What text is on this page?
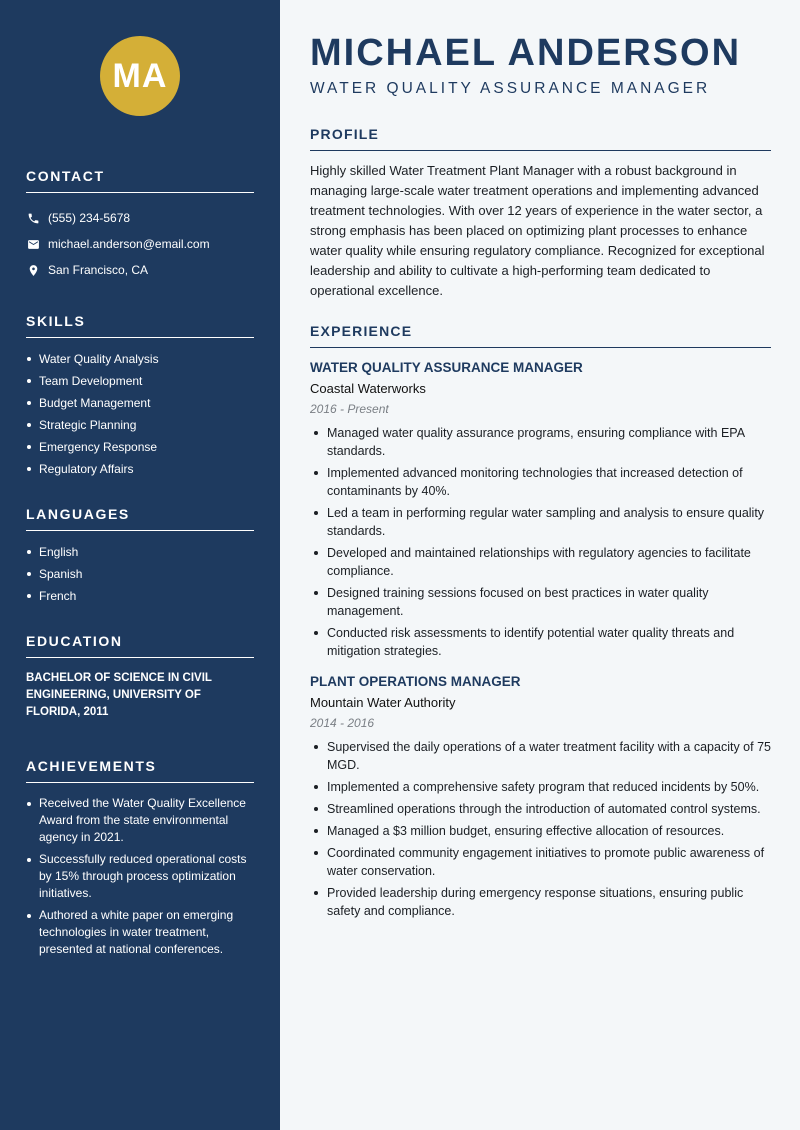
MA
CONTACT
(555) 234-5678
michael.anderson@email.com
San Francisco, CA
SKILLS
Water Quality Analysis
Team Development
Budget Management
Strategic Planning
Emergency Response
Regulatory Affairs
LANGUAGES
English
Spanish
French
EDUCATION
BACHELOR OF SCIENCE IN CIVIL ENGINEERING, UNIVERSITY OF FLORIDA, 2011
ACHIEVEMENTS
Received the Water Quality Excellence Award from the state environmental agency in 2021.
Successfully reduced operational costs by 15% through process optimization initiatives.
Authored a white paper on emerging technologies in water treatment, presented at national conferences.
MICHAEL ANDERSON
WATER QUALITY ASSURANCE MANAGER
PROFILE

Highly skilled Water Treatment Plant Manager with a robust background in managing large-scale water treatment operations and implementing advanced treatment technologies. With over 12 years of experience in the water sector, a strong emphasis has been placed on optimizing plant processes to enhance water quality while ensuring regulatory compliance. Recognized for exceptional leadership and ability to cultivate a high-performing team dedicated to operational excellence.

EXPERIENCE
WATER QUALITY ASSURANCE MANAGER
Coastal Waterworks
2016 - Present
Managed water quality assurance programs, ensuring compliance with EPA standards.
Implemented advanced monitoring technologies that increased detection of contaminants by 40%.
Led a team in performing regular water sampling and analysis to ensure quality standards.
Developed and maintained relationships with regulatory agencies to facilitate compliance.
Designed training sessions focused on best practices in water quality management.
Conducted risk assessments to identify potential water quality threats and mitigation strategies.
PLANT OPERATIONS MANAGER
Mountain Water Authority
2014 - 2016
Supervised the daily operations of a water treatment facility with a capacity of 75 MGD.
Implemented a comprehensive safety program that reduced incidents by 50%.
Streamlined operations through the introduction of automated control systems.
Managed a $3 million budget, ensuring effective allocation of resources.
Coordinated community engagement initiatives to promote public awareness of water conservation.
Provided leadership during emergency response situations, ensuring public safety and compliance.
